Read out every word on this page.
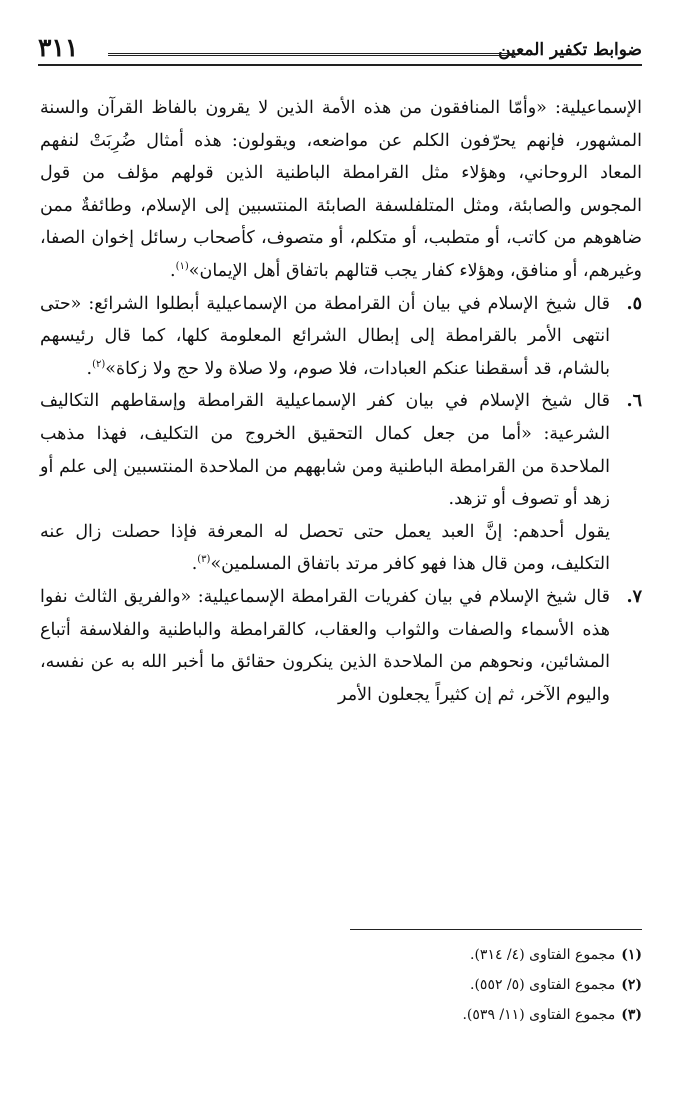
ضوابط تكفير المعين
٣١١

الإسماعيلية: «وأمّا المنافقون من هذه الأمة الذين لا يقرون بالفاظ القرآن والسنة المشهور، فإنهم يحرّفون الكلم عن مواضعه، ويقولون: هذه أمثال ضُرِبَتْ لنفهم المعاد الروحاني، وهؤلاء مثل القرامطة الباطنية الذين قولهم مؤلف من قول المجوس والصابئة، ومثل المتلفلسفة الصابئة المنتسبين إلى الإسلام، وطائفةٌ ممن ضاهوهم من كاتب، أو متطبب، أو متكلم، أو متصوف، كأصحاب رسائل إخوان الصفا، وغيرهم، أو منافق، وهؤلاء كفار يجب قتالهم باتفاق أهل الإيمان»$^{(١)}$.

٥.

قال شيخ الإسلام في بيان أن القرامطة من الإسماعيلية أبطلوا الشرائع: «حتى انتهى الأمر بالقرامطة إلى إبطال الشرائع المعلومة كلها، كما قال رئيسهم بالشام، قد أسقطنا عنكم العبادات، فلا صوم، ولا صلاة ولا حج ولا زكاة»$^{(٢)}$.

٦.

قال شيخ الإسلام في بيان كفر الإسماعيلية القرامطة وإسقاطهم التكاليف الشرعية: «أما من جعل كمال التحقيق الخروج من التكليف، فهذا مذهب الملاحدة من القرامطة الباطنية ومن شابههم من الملاحدة المنتسبين إلى علم أو زهد أو تصوف أو تزهد.

يقول أحدهم: إنَّ العبد يعمل حتى تحصل له المعرفة فإذا حصلت زال عنه التكليف، ومن قال هذا فهو كافر مرتد باتفاق المسلمين»$^{(٣)}$.

٧.

قال شيخ الإسلام في بيان كفريات القرامطة الإسماعيلية: «والفريق الثالث نفوا هذه الأسماء والصفات والثواب والعقاب، كالقرامطة والباطنية والفلاسفة أتباع المشائين، ونحوهم من الملاحدة الذين ينكرون حقائق ما أخبر الله به عن نفسه، واليوم الآخر، ثم إن كثيراً يجعلون الأمر

(١)مجموع الفتاوى (٤/ ٣١٤).
(٢)مجموع الفتاوى (٥/ ٥٥٢).
(٣)مجموع الفتاوى (١١/ ٥٣٩).
